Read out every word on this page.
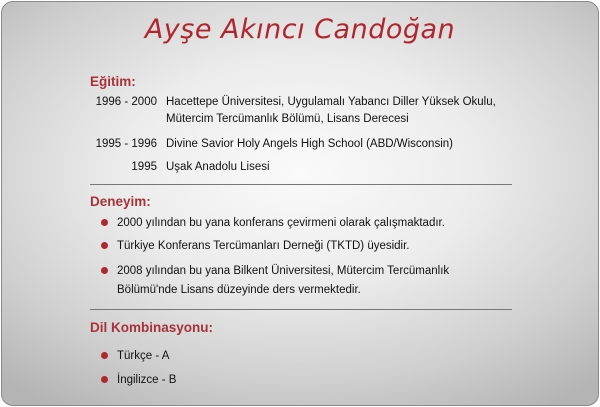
Ayşe Akıncı Candoğan
Eğitim:
1996 - 2000 Hacettepe Üniversitesi, Uygulamalı Yabancı Diller Yüksek Okulu, Mütercim Tercümanlık Bölümü, Lisans Derecesi
1995 - 1996 Divine Savior Holy Angels High School (ABD/Wisconsin)
1995 Uşak Anadolu Lisesi
Deneyim:
2000 yılından bu yana konferans çevirmeni olarak çalışmaktadır.
Türkiye Konferans Tercümanları Derneği (TKTD) üyesidir.
2008 yılından bu yana Bilkent Üniversitesi, Mütercim Tercümanlık Bölümü'nde Lisans düzeyinde ders vermektedir.
Dil Kombinasyonu:
Türkçe - A
İngilizce - B
